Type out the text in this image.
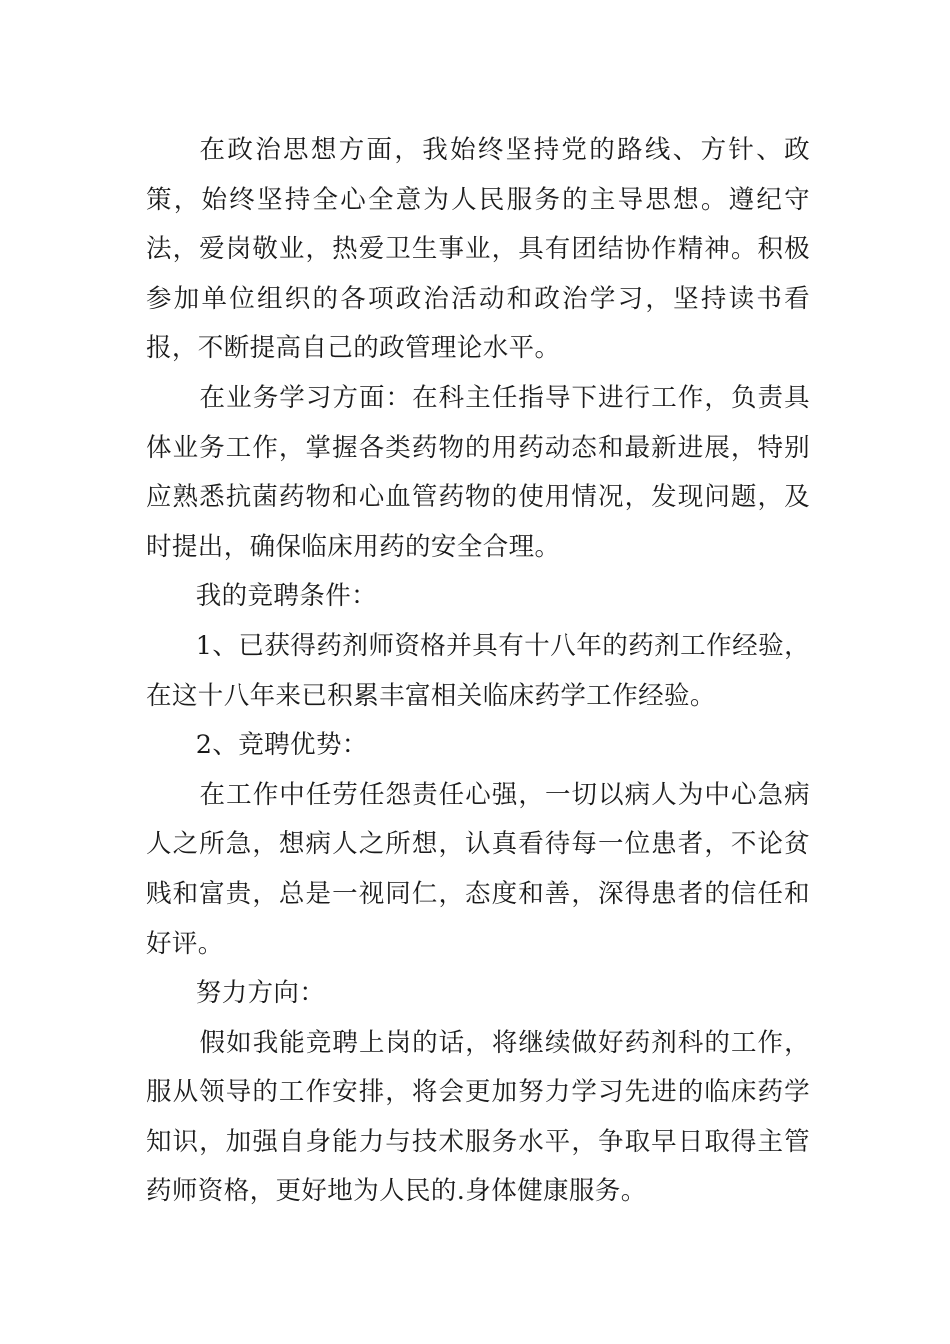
在政治思想方面，我始终坚持党的路线、方针、政策，始终坚持全心全意为人民服务的主导思想。遵纪守法，爱岗敬业，热爱卫生事业，具有团结协作精神。积极参加单位组织的各项政治活动和政治学习，坚持读书看报，不断提高自己的政管理论水平。

在业务学习方面：在科主任指导下进行工作，负责具体业务工作，掌握各类药物的用药动态和最新进展，特别应熟悉抗菌药物和心血管药物的使用情况，发现问题，及时提出，确保临床用药的安全合理。

我的竞聘条件：

1、已获得药剂师资格并具有十八年的药剂工作经验，在这十八年来已积累丰富相关临床药学工作经验。

2、竞聘优势：

在工作中任劳任怨责任心强，一切以病人为中心急病人之所急，想病人之所想，认真看待每一位患者，不论贫贱和富贵，总是一视同仁，态度和善，深得患者的信任和好评。

努力方向：

假如我能竞聘上岗的话，将继续做好药剂科的工作，服从领导的工作安排，将会更加努力学习先进的临床药学知识，加强自身能力与技术服务水平，争取早日取得主管药师资格，更好地为人民的.身体健康服务。
